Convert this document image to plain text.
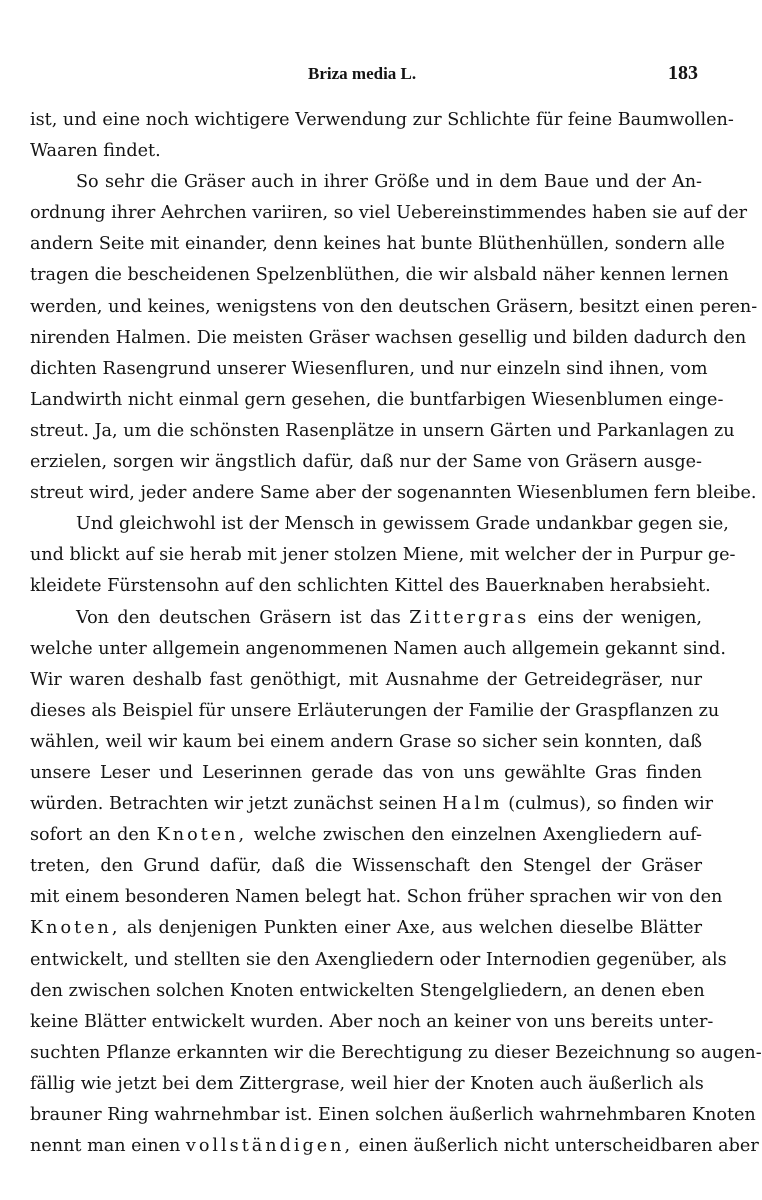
Briza media L.	183
ist, und eine noch wichtigere Verwendung zur Schlichte für feine Baumwollen-
Waaren findet.
So sehr die Gräser auch in ihrer Größe und in dem Baue und der An-
ordnung ihrer Aehrchen variiren, so viel Uebereinstimmendes haben sie auf der
andern Seite mit einander, denn keines hat bunte Blüthenhüllen, sondern alle
tragen die bescheidenen Spelzenblüthen, die wir alsbald näher kennen lernen
werden, und keines, wenigstens von den deutschen Gräsern, besitzt einen peren-
nirenden Halmen. Die meisten Gräser wachsen gesellig und bilden dadurch den
dichten Rasengrund unserer Wiesenfluren, und nur einzeln sind ihnen, vom
Landwirth nicht einmal gern gesehen, die buntfarbigen Wiesenblumen einge-
streut. Ja, um die schönsten Rasenplätze in unsern Gärten und Parkanlagen zu
erzielen, sorgen wir ängstlich dafür, daß nur der Same von Gräsern ausge-
streut wird, jeder andere Same aber der sogenannten Wiesenblumen fern bleibe.
Und gleichwohl ist der Mensch in gewissem Grade undankbar gegen sie,
und blickt auf sie herab mit jener stolzen Miene, mit welcher der in Purpur ge-
kleidete Fürstensohn auf den schlichten Kittel des Bauerknaben herabsieht.
Von den deutschen Gräsern ist das Zittergras eins der wenigen,
welche unter allgemein angenommenen Namen auch allgemein gekannt sind.
Wir waren deshalb fast genöthigt, mit Ausnahme der Getreidegräser, nur
dieses als Beispiel für unsere Erläuterungen der Familie der Graspflanzen zu
wählen, weil wir kaum bei einem andern Grase so sicher sein konnten, daß
unsere Leser und Leserinnen gerade das von uns gewählte Gras finden
würden. Betrachten wir jetzt zunächst seinen Halm (culmus), so finden wir
sofort an den Knoten, welche zwischen den einzelnen Axengliedern auf-
treten, den Grund dafür, daß die Wissenschaft den Stengel der Gräser
mit einem besonderen Namen belegt hat. Schon früher sprachen wir von den
Knoten, als denjenigen Punkten einer Axe, aus welchen dieselbe Blätter
entwickelt, und stellten sie den Axengliedern oder Internodien gegenüber, als
den zwischen solchen Knoten entwickelten Stengelgliedern, an denen eben
keine Blätter entwickelt wurden. Aber noch an keiner von uns bereits unter-
suchten Pflanze erkannten wir die Berechtigung zu dieser Bezeichnung so augen-
fällig wie jetzt bei dem Zittergrase, weil hier der Knoten auch äußerlich als
brauner Ring wahrnehmbar ist. Einen solchen äußerlich wahrnehmbaren Knoten
nennt man einen vollständigen, einen äußerlich nicht unterscheidbaren aber
